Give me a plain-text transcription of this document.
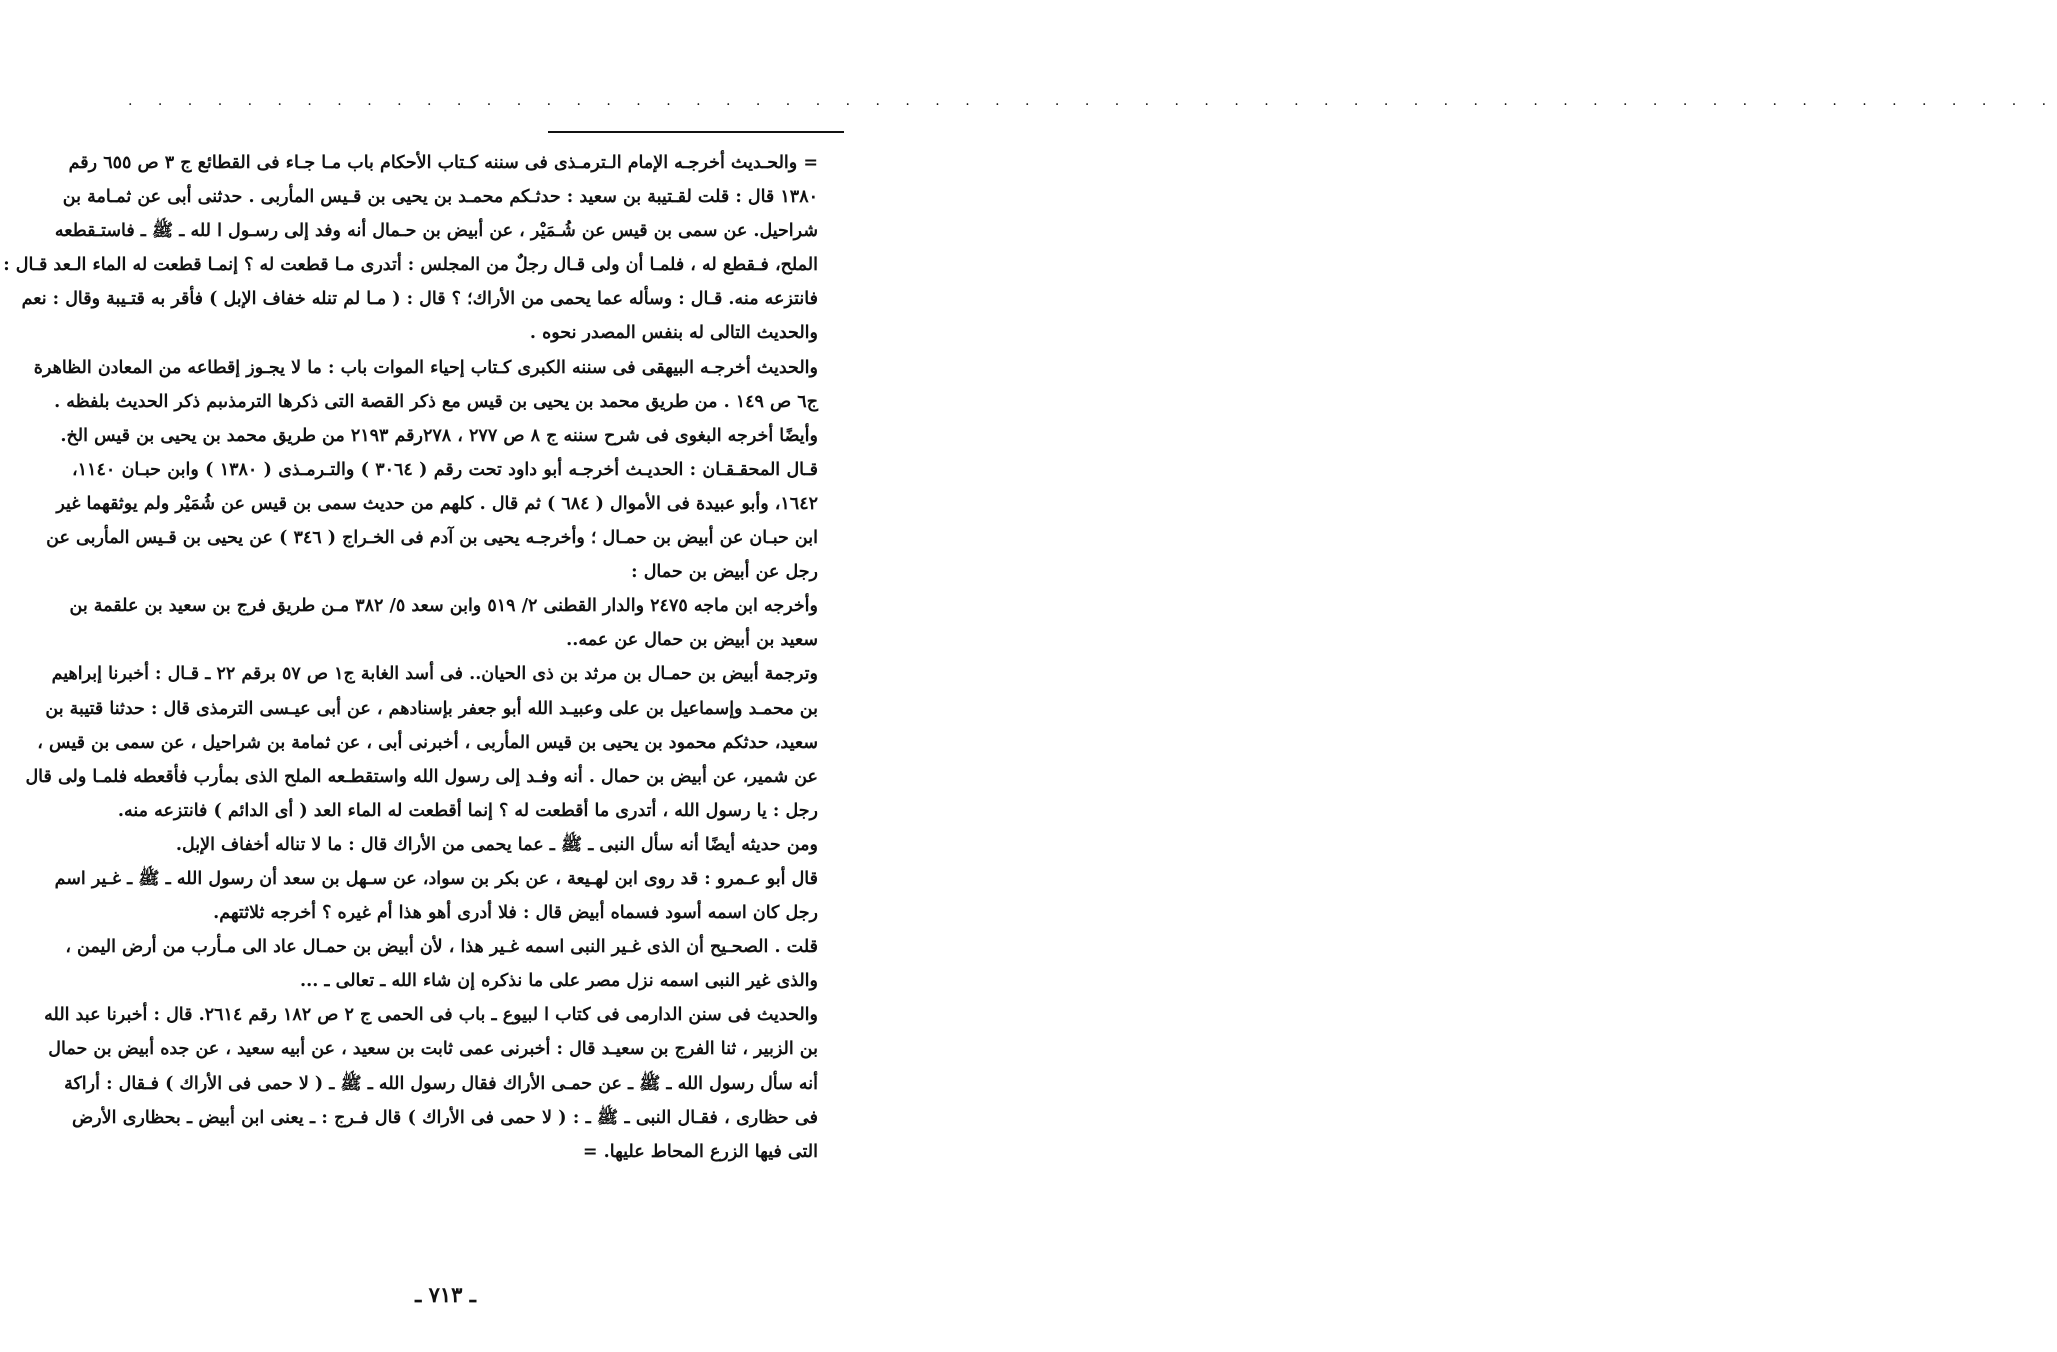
. . . . . . . . . . . . . . . . . . . . . . . . . . . . . . . . . . . . . . . . . . . . . . . . . . . . . . . . . . . . . . . . .
= والحـديث أخرجـه الإمام الـترمـذى فى سننه كـتاب الأحكام باب مـا جـاء فى القطائع ج ٣ ص ٦٥٥ رقم
١٣٨٠ قال : قلت لقـتيبة بن سعيد : حدثـكم محمـد بن يحيى بن قـيس المأربى . حدثنى أبى عن ثمـامة بن
شراحيل. عن سمى بن قيس عن شُـمَيْر ، عن أبيض بن حـمال أنه وفد إلى رسـول ا لله ـ ﷺ ـ فاستـقطعه
الملح، فـقطع له ، فلمـا أن ولى قـال رجلٌ من المجلس : أتدرى مـا قطعت له ؟ إنمـا قطعت له الماء الـعد قـال :
فانتزعه منه. قـال : وسأله عما يحمى من الأراك؛ ؟ قال : ( مـا لم تنله خفاف الإبل ) فأقر به قتـيبة وقال : نعم
والحديث التالى له بنفس المصدر نحوه .
والحديث أخرجـه البيهقى فى سننه الكبرى كـتاب إحياء الموات باب : ما لا يجـوز إقطاعه من المعادن الظاهرة
ج٦ ص ١٤٩ . من طريق محمد بن يحيى بن قيس مع ذكر القصة التى ذكرها الترمذىبم ذكر الحديث بلفظه .
وأيضًا أخرجه البغوى فى شرح سننه ج ٨ ص ٢٧٧ ، ٢٧٨رقم ٢١٩٣ من طريق محمد بن يحيى بن قيس الخ.
قـال المحقـقـان : الحديـث أخرجـه أبو داود تحت رقم ( ٣٠٦٤ ) والتـرمـذى ( ١٣٨٠ ) وابن حبـان ١١٤٠،
١٦٤٢، وأبو عبيدة فى الأموال ( ٦٨٤ ) ثم قال . كلهم من حديث سمى بن قيس عن شُمَيْر ولم يوثقهما غير
ابن حبـان عن أبيض بن حمـال ؛ وأخرجـه يحيى بن آدم فى الخـراج ( ٣٤٦ ) عن يحيى بن قـيس المأربى عن
رجل عن أبيض بن حمال :
وأخرجه ابن ماجه ٢٤٧٥ والدار القطنى ٢/ ٥١٩ وابن سعد ٥/ ٣٨٢ مـن طريق فرج بن سعيد بن علقمة بن
سعيد بن أبيض بن حمال عن عمه..
وترجمة أبيض بن حمـال بن مرثد بن ذى الحيان.. فى أسد الغابة ج١ ص ٥٧ برقم ٢٢ ـ قـال : أخبرنا إبراهيم
بن محمـد وإسماعيل بن على وعبيـد الله أبو جعفر بإسنادهم ، عن أبى عيـسى الترمذى قال : حدثنا قتيبة بن
سعيد، حدثكم محمود بن يحيى بن قيس المأربى ، أخبرنى أبى ، عن ثمامة بن شراحيل ، عن سمى بن قيس ،
عن شمير، عن أبيض بن حمال . أنه وفـد إلى رسول الله واستقطـعه الملح الذى بمأرب فأقعطه فلمـا ولى قال
رجل : يا رسول الله ، أتدرى ما أقطعت له ؟ إنما أقطعت له الماء العد ( أى الدائم ) فانتزعه منه.
ومن حديثه أيضًا أنه سأل النبى ـ ﷺ ـ عما يحمى من الأراك قال : ما لا تناله أخفاف الإبل.
قال أبو عـمرو : قد روى ابن لهـيعة ، عن بكر بن سواد، عن سـهل بن سعد أن رسول الله ـ ﷺ ـ غـير اسم
رجل كان اسمه أسود فسماه أبيض قال : فلا أدرى أهو هذا أم غيره ؟ أخرجه ثلاثتهم.
قلت . الصحـيح أن الذى غـير النبى اسمه غـير هذا ، لأن أبيض بن حمـال عاد الى مـأرب من أرض اليمن ،
والذى غير النبى اسمه نزل مصر على ما نذكره إن شاء الله ـ تعالى ـ ...
والحديث فى سنن الدارمى فى كتاب ا لبيوع ـ باب فى الحمى ج ٢ ص ١٨٢ رقم ٢٦١٤. قال : أخبرنا عبد الله
بن الزبير ، ثنا الفرج بن سعيـد قال : أخبرنى عمى ثابت بن سعيد ، عن أبيه سعيد ، عن جده أبيض بن حمال
أنه سأل رسول الله ـ ﷺ ـ عن حمـى الأراك فقال رسول الله ـ ﷺ ـ ( لا حمى فى الأراك ) فـقال : أراكة
فى حظارى ، فقـال النبى ـ ﷺ ـ : ( لا حمى فى الأراك ) قال فـرج : ـ يعنى ابن أبيض ـ بحظارى الأرض
التى فيها الزرع المحاط عليها. =
ـ ٧١٣ ـ
